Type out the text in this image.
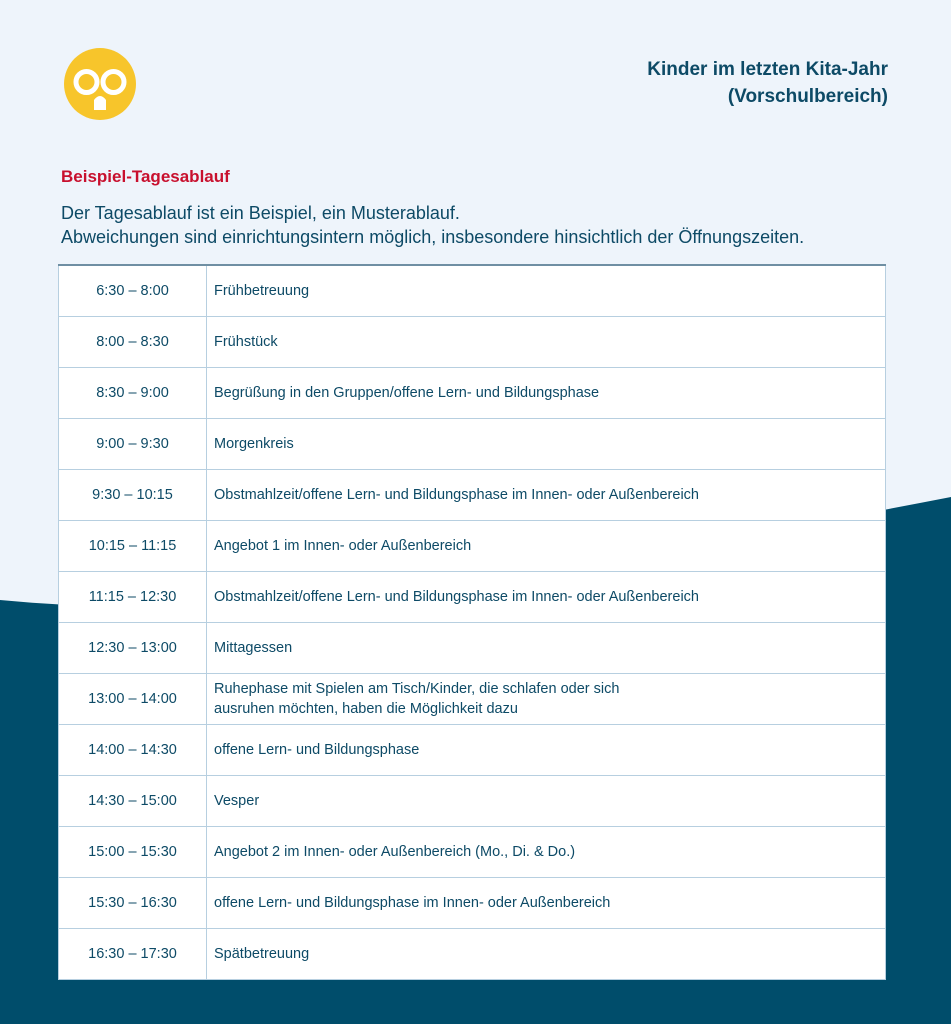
Kinder im letzten Kita-Jahr
(Vorschulbereich)
Beispiel-Tagesablauf
Der Tagesablauf ist ein Beispiel, ein Musterablauf.
Abweichungen sind einrichtungsintern möglich, insbesondere hinsichtlich der Öffnungszeiten.
6:30 – 8:00	Frühbetreuung

8:00 – 8:30	Frühstück

8:30 – 9:00	Begrüßung in den Gruppen/offene Lern- und Bildungsphase

9:00 – 9:30	Morgenkreis

9:30 – 10:15	Obstmahlzeit/offene Lern- und Bildungsphase im Innen- oder Außenbereich

10:15 – 11:15	Angebot 1 im Innen- oder Außenbereich

11:15 – 12:30	Obstmahlzeit/offene Lern- und Bildungsphase im Innen- oder Außenbereich

12:30 – 13:00	Mittagessen

13:00 – 14:00	Ruhephase mit Spielen am Tisch/Kinder, die schlafen oder sich
ausruhen möchten, haben die Möglichkeit dazu

14:00 – 14:30	offene Lern- und Bildungsphase

14:30 – 15:00	Vesper

15:00 – 15:30	Angebot 2 im Innen- oder Außenbereich (Mo., Di. & Do.)

15:30 – 16:30	offene Lern- und Bildungsphase im Innen- oder Außenbereich

16:30 – 17:30	Spätbetreuung
